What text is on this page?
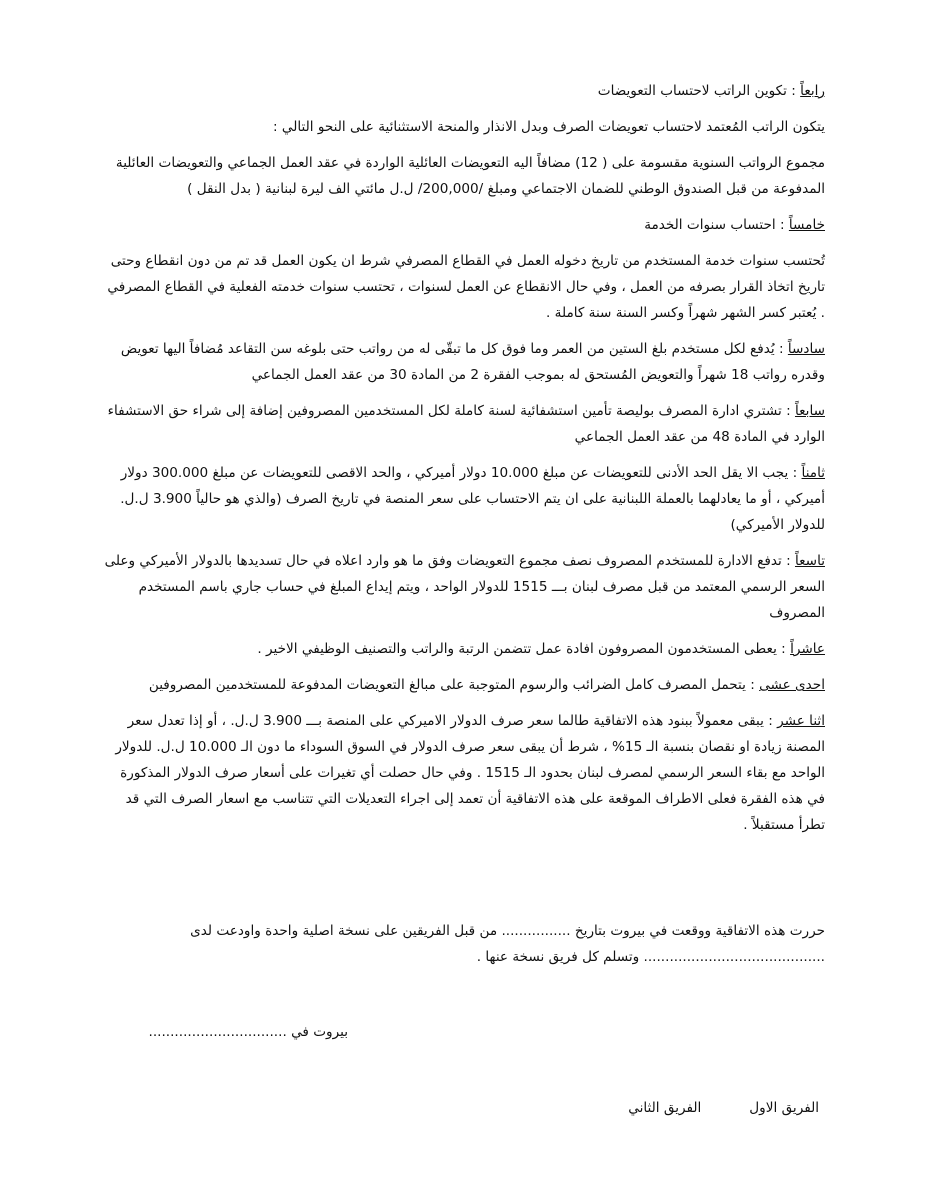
رابعاً : تكوين الراتب لاحتساب التعويضات

يتكون الراتب المُعتمد لاحتساب تعويضات الصرف وبدل الانذار والمنحة الاستثنائية على النحو التالي :

مجموع الرواتب السنوية مقسومة على ( 12) مضافاً اليه التعويضات العائلية الواردة في عقد العمل الجماعي والتعويضات العائلية المدفوعة من قبل الصندوق الوطني للضمان الاجتماعي ومبلغ /200,000/ ل.ل مائتي الف ليرة لبنانية ( بدل النقل )

خامساً : احتساب سنوات الخدمة

تُحتسب سنوات خدمة المستخدم من تاريخ دخوله العمل في القطاع المصرفي شرط ان يكون العمل قد تم من دون انقطاع وحتى تاريخ اتخاذ القرار بصرفه من العمل ، وفي حال الانقطاع عن العمل لسنوات ، تحتسب سنوات خدمته الفعلية في القطاع المصرفي . يُعتبر كسر الشهر شهراً وكسر السنة سنة كاملة .

سادساً : يُدفع لكل مستخدم بلغ الستين من العمر وما فوق كل ما تبقّى له من رواتب حتى بلوغه سن التقاعد مُضافاً اليها تعويض وقدره رواتب 18 شهراً والتعويض المُستحق له بموجب الفقرة 2 من المادة 30 من عقد العمل الجماعي

سابعاً : تشتري ادارة المصرف بوليصة تأمين استشفائية لسنة كاملة لكل المستخدمين المصروفين إضافة إلى شراء حق الاستشفاء الوارد في المادة 48 من عقد العمل الجماعي

ثامناً : يجب الا يقل الحد الأدنى للتعويضات عن مبلغ 10.000 دولار أميركي ، والحد الاقصى للتعويضات عن مبلغ 300.000 دولار أميركي ، أو ما يعادلهما بالعملة اللبنانية على ان يتم الاحتساب على سعر المنصة في تاريخ الصرف (والذي هو حالياً 3.900 ل.ل. للدولار الأميركي)

تاسعاً : تدفع الادارة للمستخدم المصروف نصف مجموع التعويضات وفق ما هو وارد اعلاه في حال تسديدها بالدولار الأميركي وعلى السعر الرسمي المعتمد من قبل مصرف لبنان بـــ 1515 للدولار الواحد ، ويتم إيداع المبلغ في حساب جاري باسم المستخدم المصروف

عاشراً : يعطى المستخدمون المصروفون افادة عمل تتضمن الرتبة والراتب والتصنيف الوظيفي الاخير .

احدى عشى : يتحمل المصرف كامل الضرائب والرسوم المتوجبة على مبالغ التعويضات المدفوعة للمستخدمين المصروفين

اثنا عشر : يبقى معمولاً ببنود هذه الاتفاقية طالما سعر صرف الدولار الاميركي على المنصة بـــ 3.900 ل.ل. ، أو إذا تعدل سعر المصنة زيادة او نقصان بنسبة الـ 15% ، شرط أن يبقى سعر صرف الدولار في السوق السوداء ما دون الـ 10.000 ل.ل. للدولار الواحد مع بقاء السعر الرسمي لمصرف لبنان بحدود الـ 1515 . وفي حال حصلت أي تغيرات على أسعار صرف الدولار المذكورة في هذه الفقرة فعلى الاطراف الموقعة على هذه الاتفاقية أن تعمد إلى اجراء التعديلات التي تتناسب مع اسعار الصرف التي قد تطرأ مستقبلاً .

حررت هذه الاتفاقية ووقعت في بيروت بتاريخ ................ من قبل الفريقين على نسخة اصلية واحدة واودعت لدى

.......................................... وتسلم كل فريق نسخة عنها .

بيروت في ................................
الفريق الاول
الفريق الثاني
